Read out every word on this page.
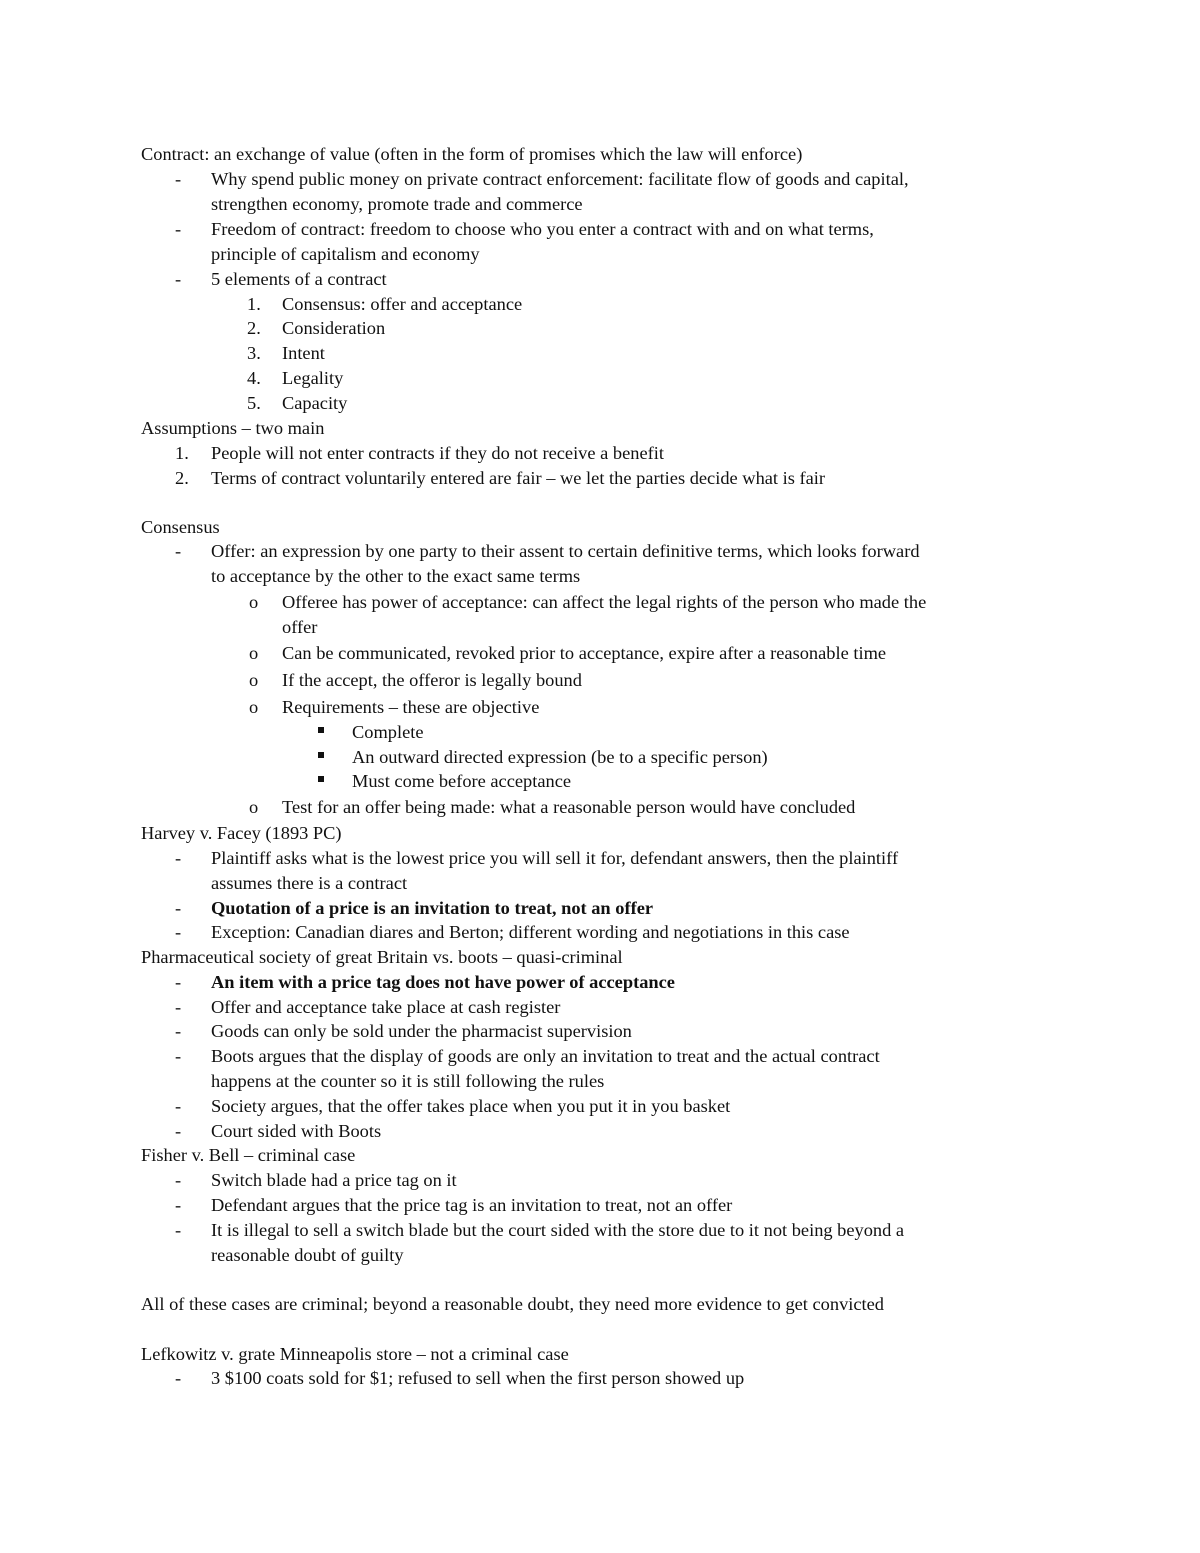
Contract: an exchange of value (often in the form of promises which the law will enforce)
-	Why spend public money on private contract enforcement: facilitate flow of goods and capital,
strengthen economy, promote trade and commerce
-	Freedom of contract: freedom to choose who you enter a contract with and on what terms,
principle of capitalism and economy
-	5 elements of a contract
1.	Consensus: offer and acceptance
2.	Consideration
3.	Intent
4.	Legality
5.	Capacity
Assumptions – two main
1.	People will not enter contracts if they do not receive a benefit
2.	Terms of contract voluntarily entered are fair – we let the parties decide what is fair
Consensus
-	Offer: an expression by one party to their assent to certain definitive terms, which looks forward
to acceptance by the other to the exact same terms
o	Offeree has power of acceptance: can affect the legal rights of the person who made the
offer
o	Can be communicated, revoked prior to acceptance, expire after a reasonable time
o	If the accept, the offeror is legally bound
o	Requirements – these are objective
Complete
An outward directed expression (be to a specific person)
Must come before acceptance
o	Test for an offer being made: what a reasonable person would have concluded
Harvey v. Facey (1893 PC)
-	Plaintiff asks what is the lowest price you will sell it for, defendant answers, then the plaintiff
assumes there is a contract
-	Quotation of a price is an invitation to treat, not an offer
-	Exception: Canadian diares and Berton; different wording and negotiations in this case
Pharmaceutical society of great Britain vs. boots – quasi-criminal
-	An item with a price tag does not have power of acceptance
-	Offer and acceptance take place at cash register
-	Goods can only be sold under the pharmacist supervision
-	Boots argues that the display of goods are only an invitation to treat and the actual contract
happens at the counter so it is still following the rules
-	Society argues, that the offer takes place when you put it in you basket
-	Court sided with Boots
Fisher v. Bell – criminal case
-	Switch blade had a price tag on it
-	Defendant argues that the price tag is an invitation to treat, not an offer
-	It is illegal to sell a switch blade but the court sided with the store due to it not being beyond a
reasonable doubt of guilty
All of these cases are criminal; beyond a reasonable doubt, they need more evidence to get convicted
Lefkowitz v. grate Minneapolis store – not a criminal case
-	3 $100 coats sold for $1; refused to sell when the first person showed up
